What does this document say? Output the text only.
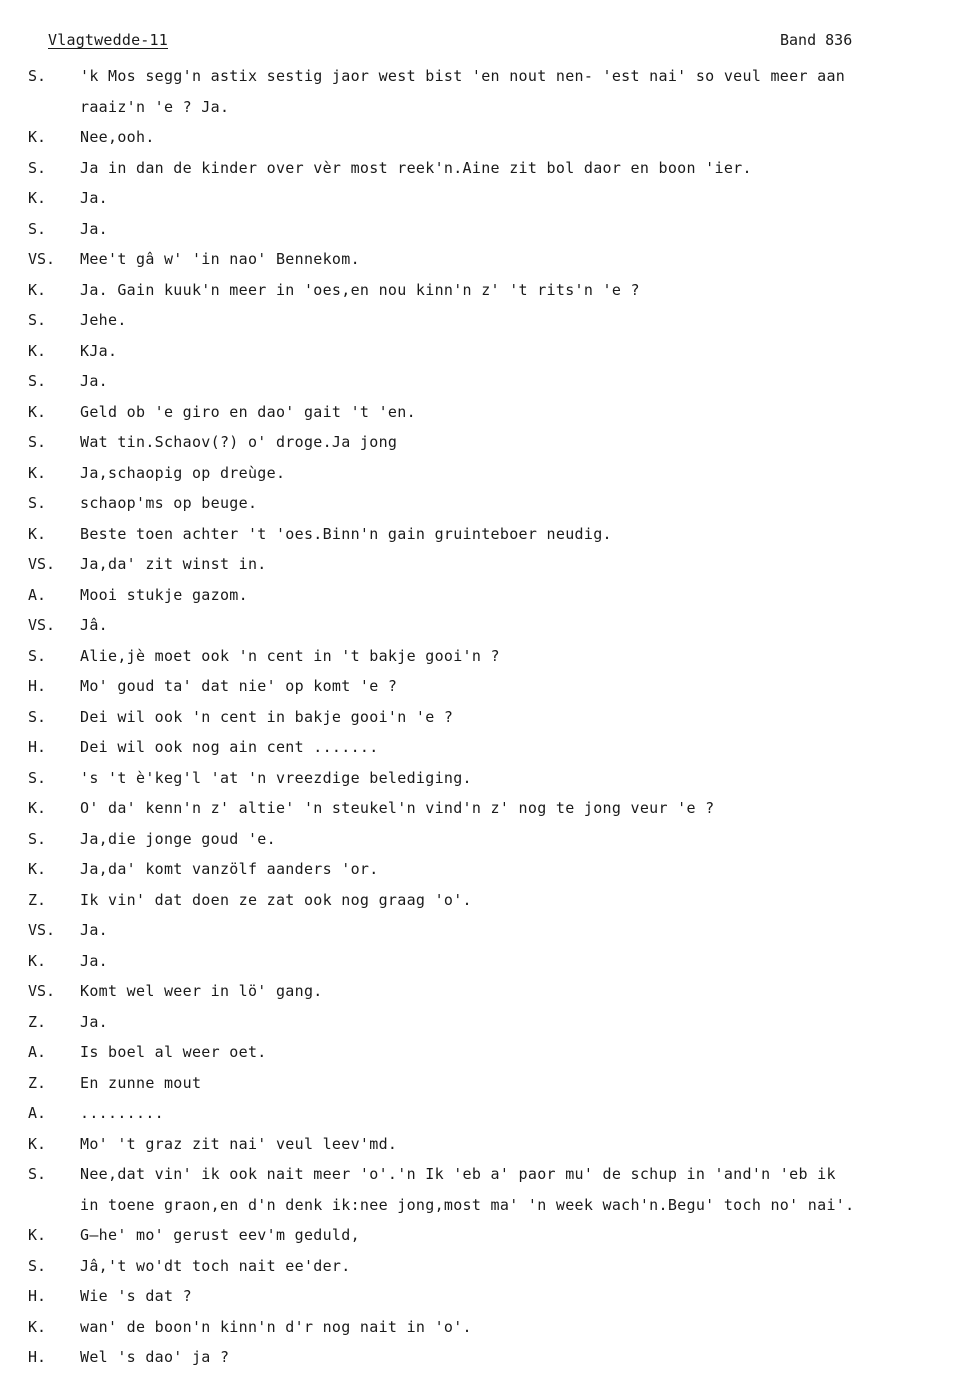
Vlagtwedde-11	Band 836
S. 'k Mos segg'n astix sestig jaor west bist 'en nout nen- 'est nai' so veul meer aan
raaiz'n 'e ? Ja.
K. Nee,ooh.
S. Ja in dan de kinder over vèr most reek'n.Aine zit bol daor en boon 'ier.
K. Ja.
S. Ja.
VS. Mee't gâ w' 'in nao' Bennekom.
K. Ja. Gain kuuk'n meer in 'oes,en nou kinn'n z' 't rits'n 'e ?
S. Jehe.
K. KJa.
S. Ja.
K. Geld ob 'e giro en dao' gait 't 'en.
S. Wat tin.Schaov(?) o' droge.Ja jong
K. Ja,schaopig op dreùge.
S. schaop'ms op beuge.
K. Beste toen achter 't 'oes.Binn'n gain gruinteboer neudig.
VS. Ja,da' zit winst in.
A. Mooi stukje gazom.
VS. Jâ.
S. Alie,jè moet ook 'n cent in 't bakje gooi'n ?
H. Mo' goud ta' dat nie' op komt 'e ?
S. Dei wil ook 'n cent in bakje gooi'n 'e ?
H. Dei wil ook nog ain cent .......
S. 's 't è'keg'l 'at 'n vreezdige belediging.
K. O' da' kenn'n z' altie' 'n steukel'n vind'n z' nog te jong veur 'e ?
S. Ja,die jonge goud 'e.
K. Ja,da' komt vanzölf aanders 'or.
Z. Ik vin' dat doen ze zat ook nog graag 'o'.
VS. Ja.
K. Ja.
VS. Komt wel weer in lö' gang.
Z. Ja.
A. Is boel al weer oet.
Z. En zunne mout
A. .........
K. Mo' 't graz zit nai' veul leev'md.
S. Nee,dat vin' ik ook nait meer 'o'.'n Ik 'eb a' paor mu' de schup in 'and'n 'eb ik
in toene graon,en d'n denk ik:nee jong,most ma' 'n week wach'n.Begu' toch no' nai'.
K. G—he' mo' gerust eev'm geduld,
S. Jâ,'t wo'dt toch nait ee'der.
H. Wie 's dat ?
K. wan' de boon'n kinn'n d'r nog nait in 'o'.
H. Wel 's dao' ja ?
